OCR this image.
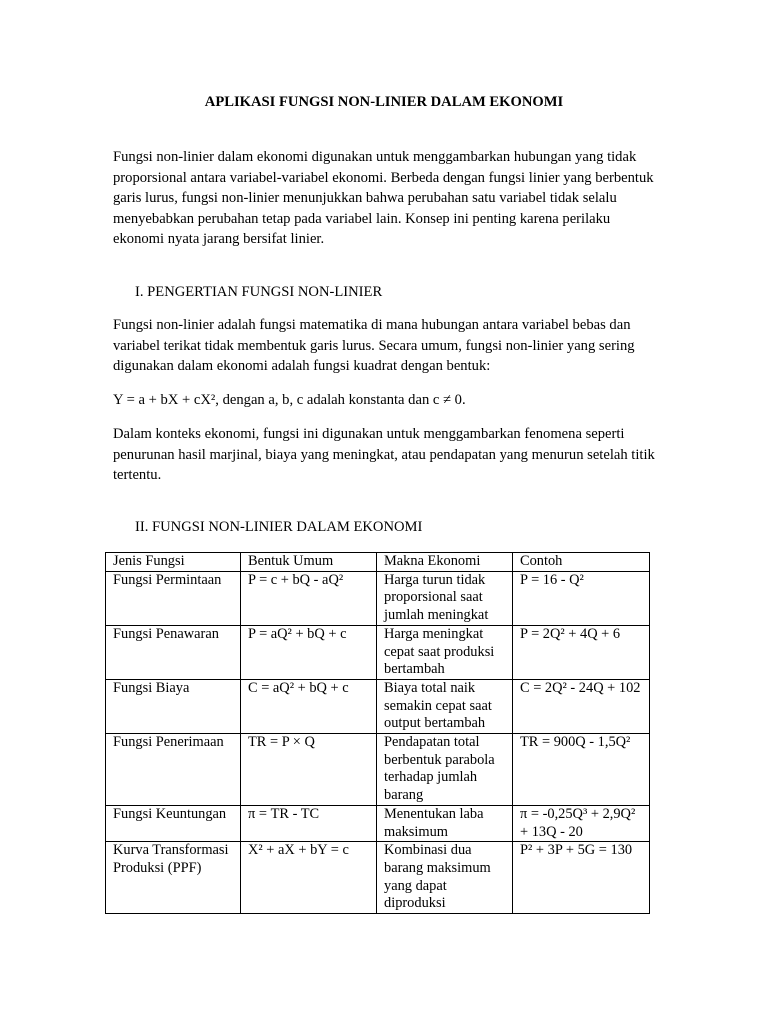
APLIKASI FUNGSI NON-LINIER DALAM EKONOMI

Fungsi non-linier dalam ekonomi digunakan untuk menggambarkan hubungan yang tidak proporsional antara variabel-variabel ekonomi. Berbeda dengan fungsi linier yang berbentuk garis lurus, fungsi non-linier menunjukkan bahwa perubahan satu variabel tidak selalu menyebabkan perubahan tetap pada variabel lain. Konsep ini penting karena perilaku ekonomi nyata jarang bersifat linier.

I. PENGERTIAN FUNGSI NON-LINIER

Fungsi non-linier adalah fungsi matematika di mana hubungan antara variabel bebas dan variabel terikat tidak membentuk garis lurus. Secara umum, fungsi non-linier yang sering digunakan dalam ekonomi adalah fungsi kuadrat dengan bentuk:

Y = a + bX + cX², dengan a, b, c adalah konstanta dan c ≠ 0.

Dalam konteks ekonomi, fungsi ini digunakan untuk menggambarkan fenomena seperti penurunan hasil marjinal, biaya yang meningkat, atau pendapatan yang menurun setelah titik tertentu.

II. FUNGSI NON-LINIER DALAM EKONOMI

Jenis Fungsi	Bentuk Umum	Makna Ekonomi	Contoh
Fungsi Permintaan	P = c + bQ - aQ²	Harga turun tidak proporsional saat jumlah meningkat	P = 16 - Q²
Fungsi Penawaran	P = aQ² + bQ + c	Harga meningkat cepat saat produksi bertambah	P = 2Q² + 4Q + 6
Fungsi Biaya	C = aQ² + bQ + c	Biaya total naik semakin cepat saat output bertambah	C = 2Q² - 24Q + 102
Fungsi Penerimaan	TR = P × Q	Pendapatan total berbentuk parabola terhadap jumlah barang	TR = 900Q - 1,5Q²
Fungsi Keuntungan	π = TR - TC	Menentukan laba maksimum	π = -0,25Q³ + 2,9Q² + 13Q - 20
Kurva Transformasi Produksi (PPF)	X² + aX + bY = c	Kombinasi dua barang maksimum yang dapat diproduksi	P² + 3P + 5G = 130
